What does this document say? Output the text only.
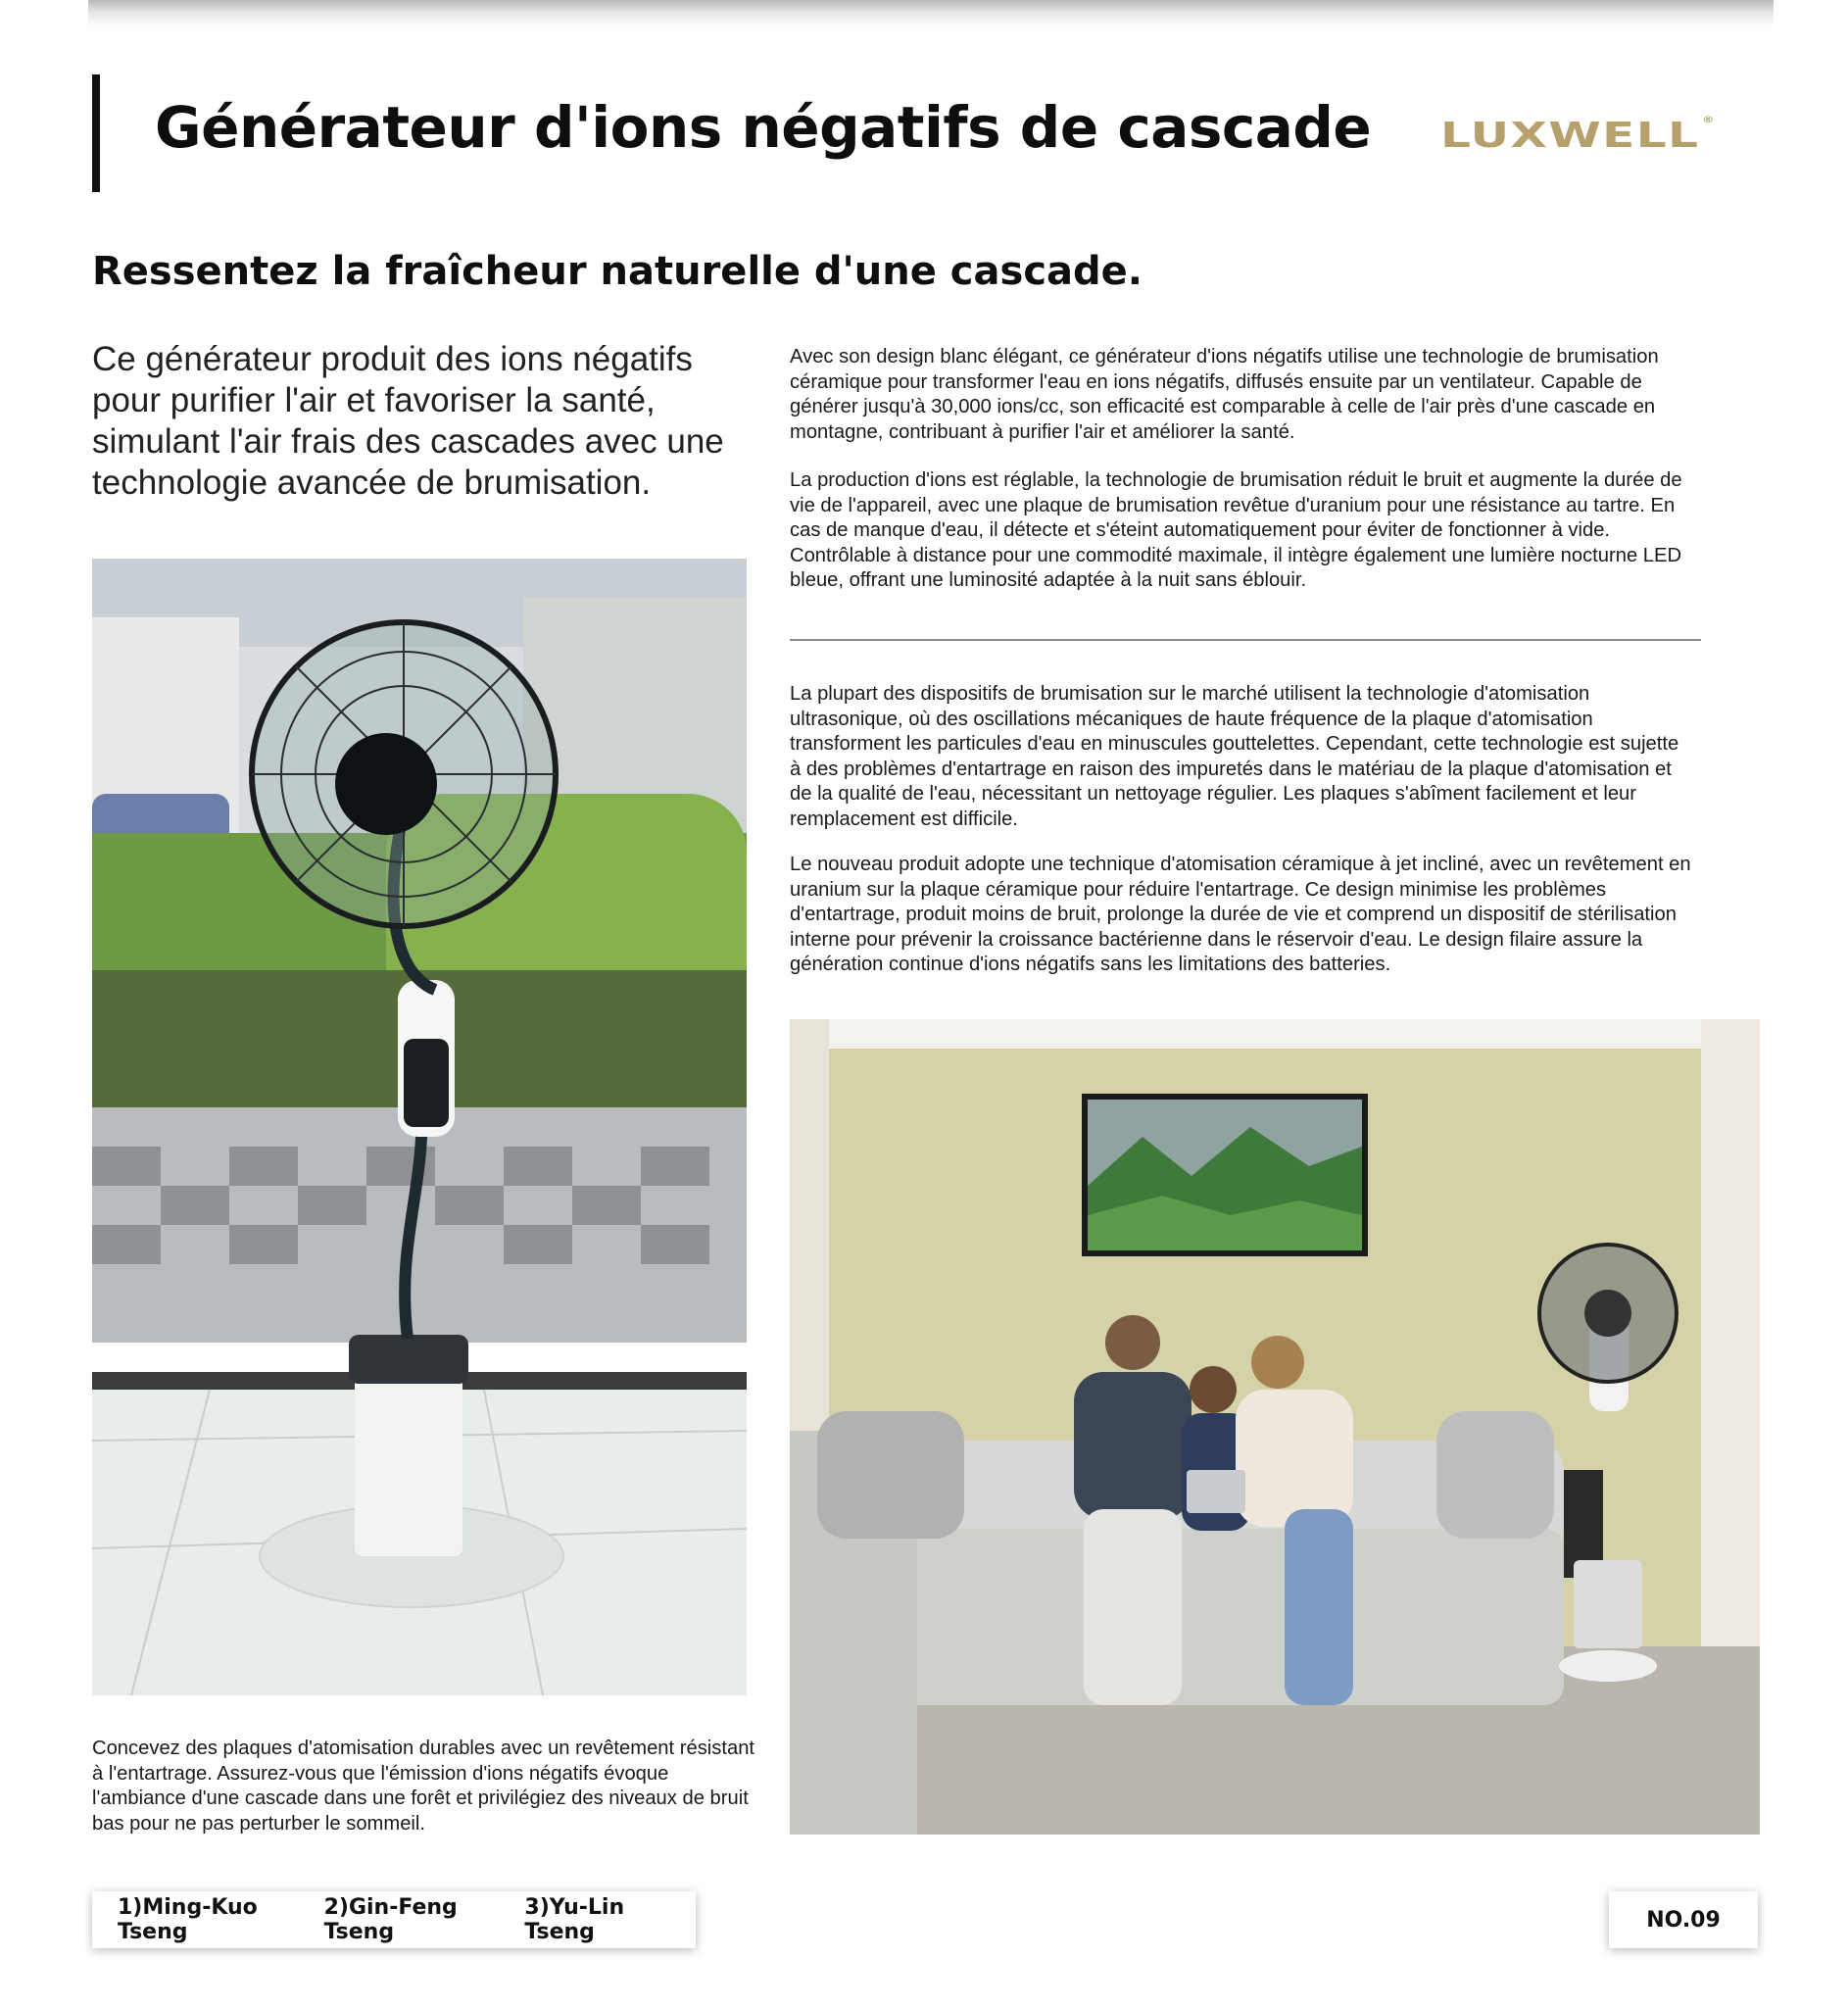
Générateur d'ions négatifs de cascade LUXWELL ®
Ressentez la fraîcheur naturelle d'une cascade.

Ce générateur produit des ions négatifs pour purifier l'air et favoriser la santé, simulant l'air frais des cascades avec une technologie avancée de brumisation.

Avec son design blanc élégant, ce générateur d'ions négatifs utilise une technologie de brumisation céramique pour transformer l'eau en ions négatifs, diffusés ensuite par un ventilateur. Capable de générer jusqu'à 30,000 ions/cc, son efficacité est comparable à celle de l'air près d'une cascade en montagne, contribuant à purifier l'air et améliorer la santé.

La production d'ions est réglable, la technologie de brumisation réduit le bruit et augmente la durée de vie de l'appareil, avec une plaque de brumisation revêtue d'uranium pour une résistance au tartre. En cas de manque d'eau, il détecte et s'éteint automatiquement pour éviter de fonctionner à vide. Contrôlable à distance pour une commodité maximale, il intègre également une lumière nocturne LED bleue, offrant une luminosité adaptée à la nuit sans éblouir.

La plupart des dispositifs de brumisation sur le marché utilisent la technologie d'atomisation ultrasonique, où des oscillations mécaniques de haute fréquence de la plaque d'atomisation transforment les particules d'eau en minuscules gouttelettes. Cependant, cette technologie est sujette à des problèmes d'entartrage en raison des impuretés dans le matériau de la plaque d'atomisation et de la qualité de l'eau, nécessitant un nettoyage régulier. Les plaques s'abîment facilement et leur remplacement est difficile.

Le nouveau produit adopte une technique d'atomisation céramique à jet incliné, avec un revêtement en uranium sur la plaque céramique pour réduire l'entartrage. Ce design minimise les problèmes d'entartrage, produit moins de bruit, prolonge la durée de vie et comprend un dispositif de stérilisation interne pour prévenir la croissance bactérienne dans le réservoir d'eau. Le design filaire assure la génération continue d'ions négatifs sans les limitations des batteries.

Concevez des plaques d'atomisation durables avec un revêtement résistant à l'entartrage. Assurez-vous que l'émission d'ions négatifs évoque l'ambiance d'une cascade dans une forêt et privilégiez des niveaux de bruit bas pour ne pas perturber le sommeil.

1)Ming-Kuo Tseng
2)Gin-Feng Tseng
3)Yu-Lin Tseng	NO.09
